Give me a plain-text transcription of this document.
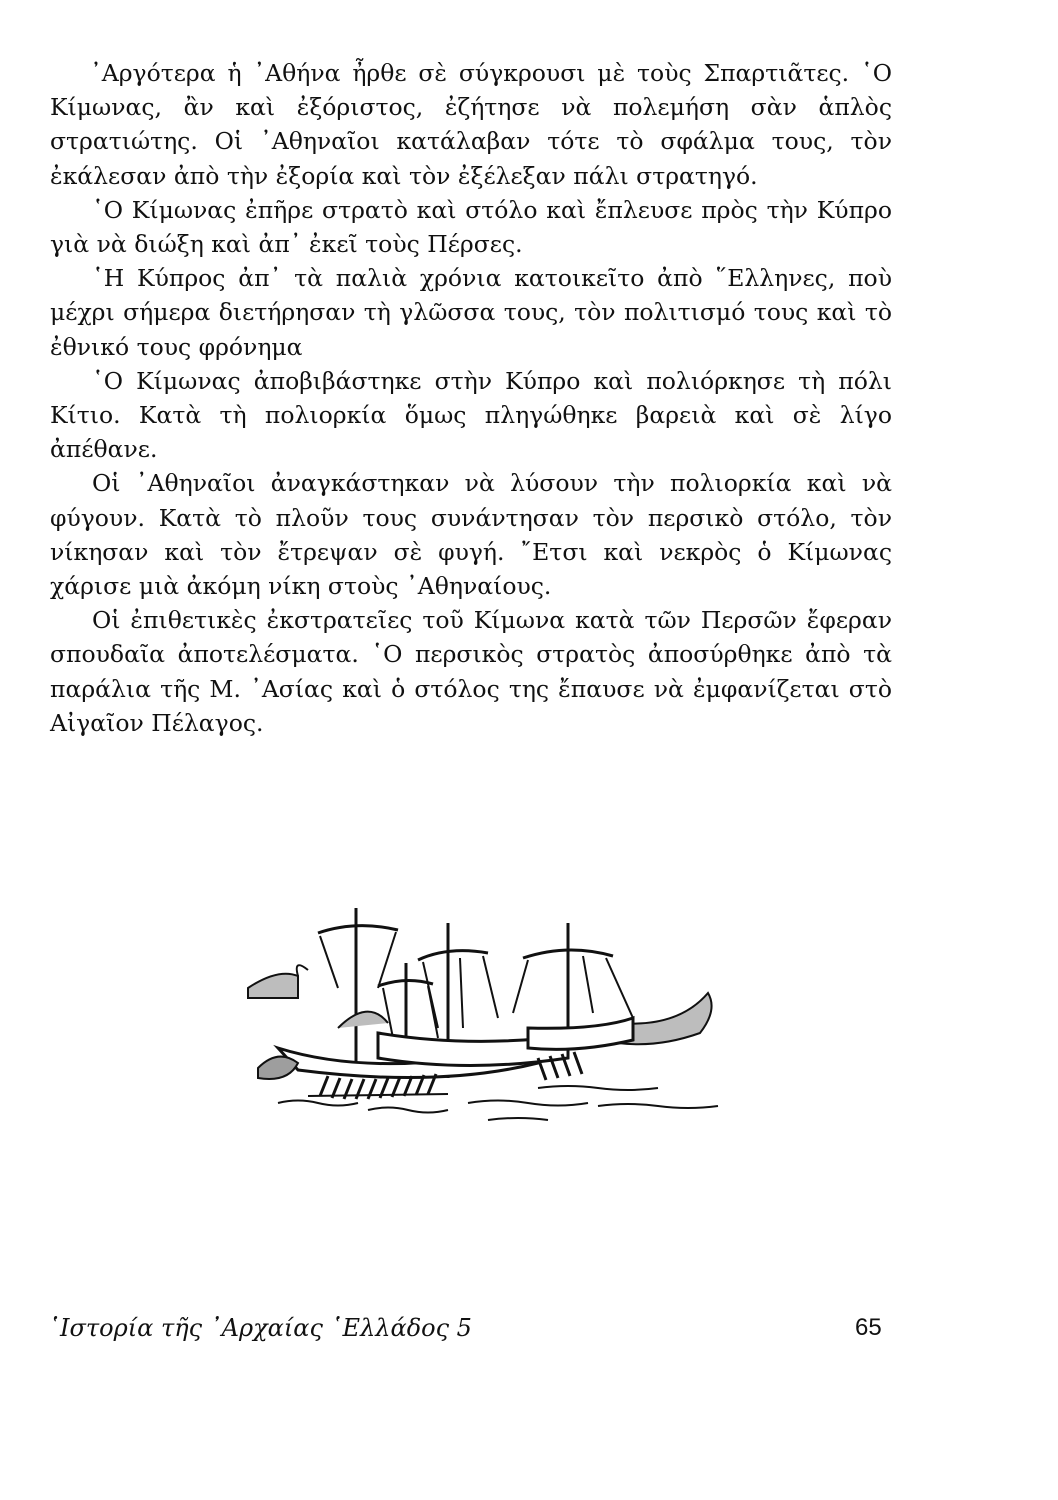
᾿Αργότερα ἡ ᾿Αθήνα ἦρθε σὲ σύγκρουσι μὲ τοὺς Σπαρτιᾶτες. ῾Ο Κίμωνας, ἂν καὶ ἐξόριστος, ἐζήτησε νὰ πολεμήση σὰν ἁπλὸς στρατιώτης. Οἱ ᾿Αθηναῖοι κατάλαβαν τότε τὸ σφάλμα τους, τὸν ἐκάλεσαν ἀπὸ τὴν ἐξορία καὶ τὸν ἐξέλεξαν πάλι στρατηγό.

῾Ο Κίμωνας ἐπῆρε στρατὸ καὶ στόλο καὶ ἔπλευσε πρὸς τὴν Κύπρο γιὰ νὰ διώξη καὶ ἀπ᾿ ἐκεῖ τοὺς Πέρσες.

῾Η Κύπρος ἀπ᾿ τὰ παλιὰ χρόνια κατοικεῖτο ἀπὸ ῞Ελληνες, ποὺ μέχρι σήμερα διετήρησαν τὴ γλῶσσα τους, τὸν πολιτισμό τους καὶ τὸ ἐθνικό τους φρόνημα

῾Ο Κίμωνας ἀποβιβάστηκε στὴν Κύπρο καὶ πολιόρκησε τὴ πόλι Κίτιο. Κατὰ τὴ πολιορκία ὅμως πληγώθηκε βαρειὰ καὶ σὲ λίγο ἀπέθανε.

Οἱ ᾿Αθηναῖοι ἀναγκάστηκαν νὰ λύσουν τὴν πολιορκία καὶ νὰ φύγουν. Κατὰ τὸ πλοῦν τους συνάντησαν τὸν περσικὸ στόλο, τὸν νίκησαν καὶ τὸν ἔτρεψαν σὲ φυγή. ῎Ετσι καὶ νεκρὸς ὁ Κίμωνας χάρισε μιὰ ἀκόμη νίκη στοὺς ᾿Αθηναίους.

Οἱ ἐπιθετικὲς ἐκστρατεῖες τοῦ Κίμωνα κατὰ τῶν Περσῶν ἔφεραν σπουδαῖα ἀποτελέσματα. ῾Ο περσικὸς στρατὸς ἀποσύρθηκε ἀπὸ τὰ παράλια τῆς Μ. ᾿Ασίας καὶ ὁ στόλος της ἔπαυσε νὰ ἐμφανίζεται στὸ Αἰγαῖον Πέλαγος.

῾Ιστορία τῆς ᾿Αρχαίας ῾Ελλάδος 5	65
